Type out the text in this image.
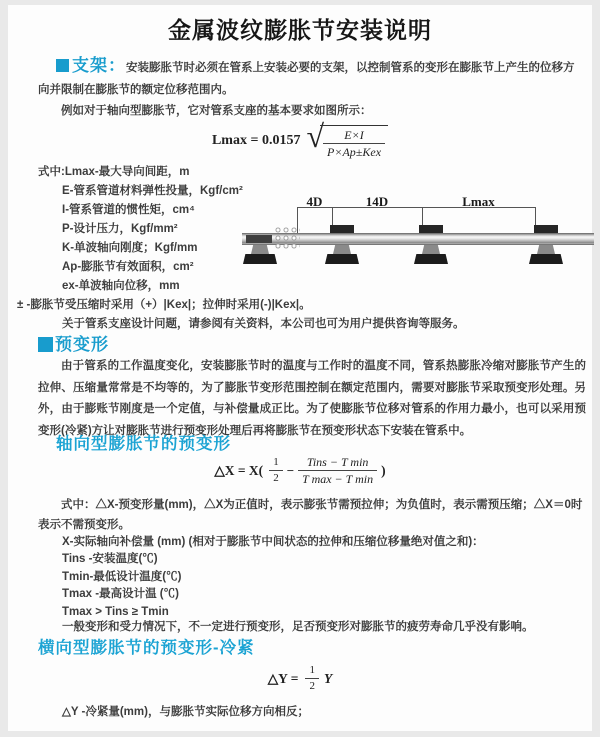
金属波纹膨胀节安装说明
支架：安装膨胀节时必须在管系上安装必要的支架，以控制管系的变形在膨胀节上产生的位移方向并限制在膨胀节的额定位移范围内。
例如对于轴向型膨胀节，它对管系支座的基本要求如图所示：
Lmax = 0.0157 √	E×I
P×Ap±Kex
式中:Lmax-最大导向间距，m
E-管系管道材料弹性投量，Kgf/cm²
I-管系管道的惯性矩，cm⁴
P-设计压力，Kgf/mm²
K-单波轴向刚度；Kgf/mm
Ap-膨胀节有效面积，cm²
ex-单波轴向位移，mm
± -膨胀节受压缩时采用（+）|Kex|；拉伸时采用(-)|Kex|。
关于管系支座设计问题，请参阅有关资料，本公司也可为用户提供咨询等服务。
4D	14D	Lmax
预变形
由于管系的工作温度变化，安装膨胀节时的温度与工作时的温度不同，管系热膨胀冷缩对膨胀节产生的拉伸、压缩量常常是不均等的，为了膨胀节变形范围控制在额定范围内，需要对膨胀节采取预变形处理。另外，由于膨账节刚度是一个定值，与补偿量成正比。为了使膨胀节位移对管系的作用力最小，也可以采用预变形(冷紧)方让对膨胀节进行预变形处理后再将膨胀节在预变形状态下安装在管系中。
轴向型膨胀节的预变形
△X = X(
1
2
−
Tins − T min
T max − T min
)
式中：△X-预变形量(mm)，△X为正值时，表示膨张节需预拉伸；为负值时，表示需预压缩；△X＝0时表示不需预变形。
X-实际轴向补偿量 (mm) (相对于膨胀节中间状态的拉伸和压缩位移量绝对值之和)：
Tins -安装温度(℃)
Tmin-最低设计温度(℃)
Tmax -最高设计温 (℃)
Tmax > Tins ≥ Tmin
一般变形和受力情况下，不一定进行预变形，足否预变形对膨胀节的疲劳寿命几乎没有影响。
横向型膨胀节的预变形-冷紧
△Y = $\frac{1}{2}$ Y
△Y -冷紧量(mm)，与膨胀节实际位移方向相反；
